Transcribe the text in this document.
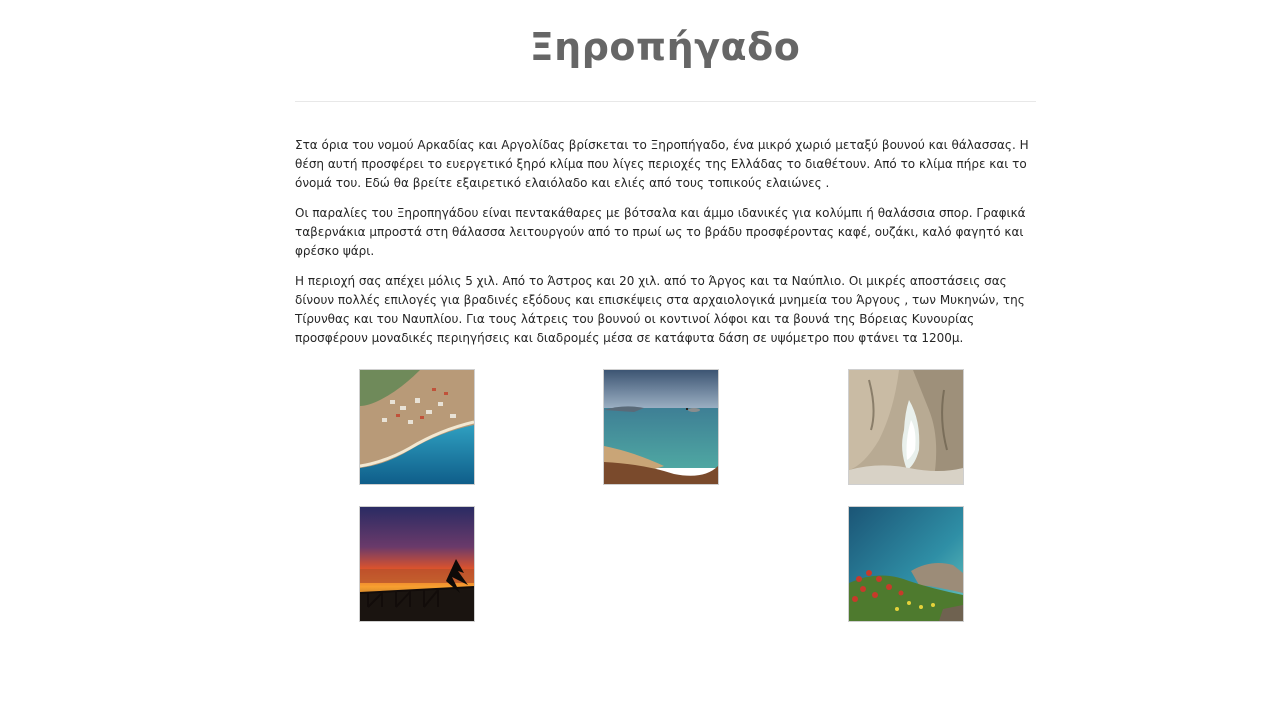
Ξηροπήγαδο

Στα όρια του νομού Αρκαδίας και Αργολίδας βρίσκεται το Ξηροπήγαδο, ένα μικρό χωριό μεταξύ βουνού και θάλασσας. Η θέση αυτή προσφέρει το ευεργετικό ξηρό κλίμα που λίγες περιοχές της Ελλάδας το διαθέτουν. Από το κλίμα πήρε και το όνομά του. Εδώ θα βρείτε εξαιρετικό ελαιόλαδο και ελιές από τους τοπικούς ελαιώνες .

Οι παραλίες του Ξηροπηγάδου είναι πεντακάθαρες με βότσαλα και άμμο ιδανικές για κολύμπι ή θαλάσσια σπορ. Γραφικά ταβερνάκια μπροστά στη θάλασσα λειτουργούν από το πρωί ως το βράδυ προσφέροντας καφέ, ουζάκι, καλό φαγητό και φρέσκο ψάρι.

Η περιοχή σας απέχει μόλις 5 χιλ. Από το Άστρος και 20 χιλ. από το Άργος και τα Ναύπλιο. Οι μικρές αποστάσεις σας δίνουν πολλές επιλογές για βραδινές εξόδους και επισκέψεις στα αρχαιολογικά μνημεία του Άργους , των Μυκηνών, της Τίρυνθας και του Ναυπλίου. Για τους λάτρεις του βουνού οι κοντινοί λόφοι και τα βουνά της Βόρειας Κυνουρίας προσφέρουν μοναδικές περιηγήσεις και διαδρομές μέσα σε κατάφυτα δάση σε υψόμετρο που φτάνει τα 1200μ.
